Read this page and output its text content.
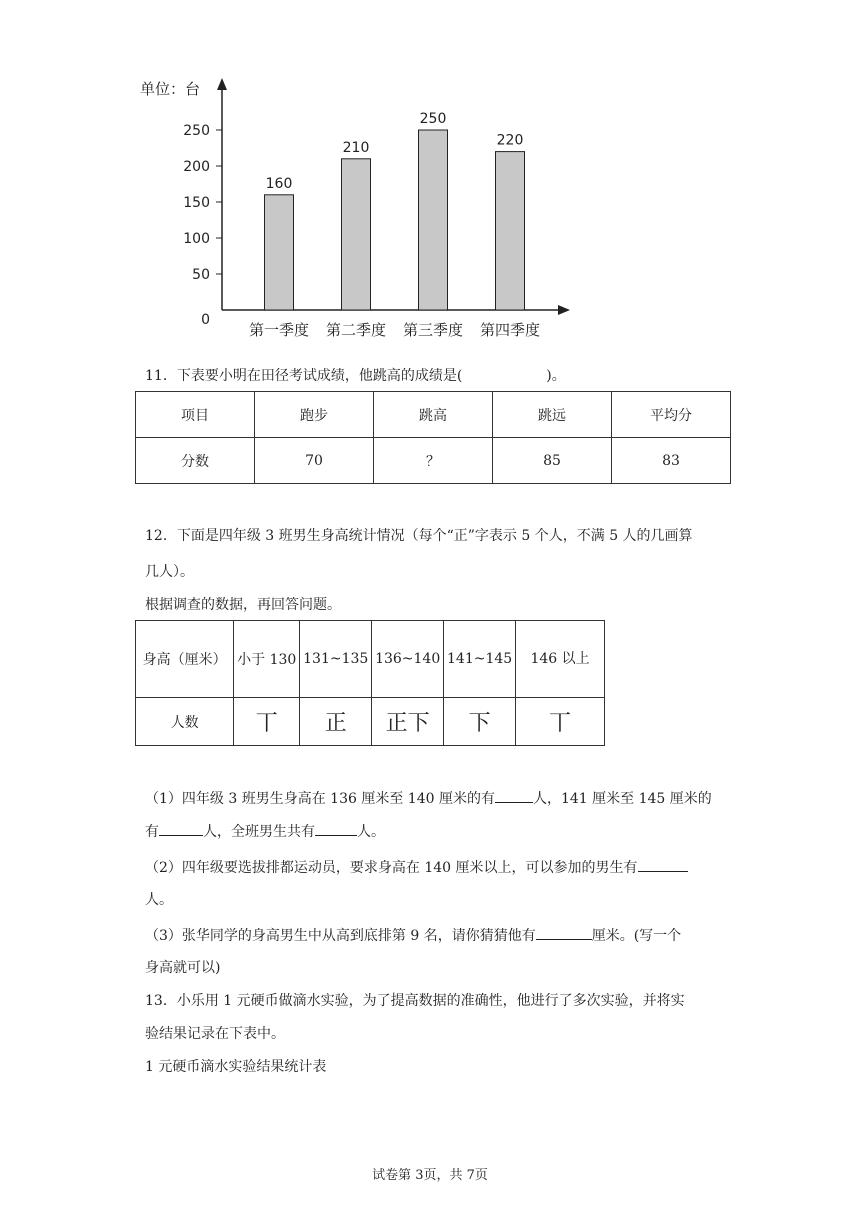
单位：台
0
50
100
150
200
250
160
第一季度
210
第二季度
250
第三季度
220
第四季度
11．下表要小明在田径考试成绩，他跳高的成绩是(	)。
项目	跑步	跳高	跳远	平均分
分数	70	？	85	83
12．下面是四年级 3 班男生身高统计情况（每个“正”字表示 5 个人，不满 5 人的几画算
几人）。
根据调查的数据，再回答问题。
身高（厘米）	小于 130	131~135	136~140	141~145	146 以上
人数	丅	正	正下	下	丅
（1）四年级 3 班男生身高在 136 厘米至 140 厘米的有	人，141 厘米至 145 厘米的
有	人，全班男生共有	人。
（2）四年级要选拔排都运动员，要求身高在 140 厘米以上，可以参加的男生有
人。
（3）张华同学的身高男生中从高到底排第 9 名，请你猜猜他有	厘米。(写一个
身高就可以)
13．小乐用 1 元硬币做滴水实验，为了提高数据的准确性，他进行了多次实验，并将实
验结果记录在下表中。
1 元硬币滴水实验结果统计表
试卷第 3页，共 7页
